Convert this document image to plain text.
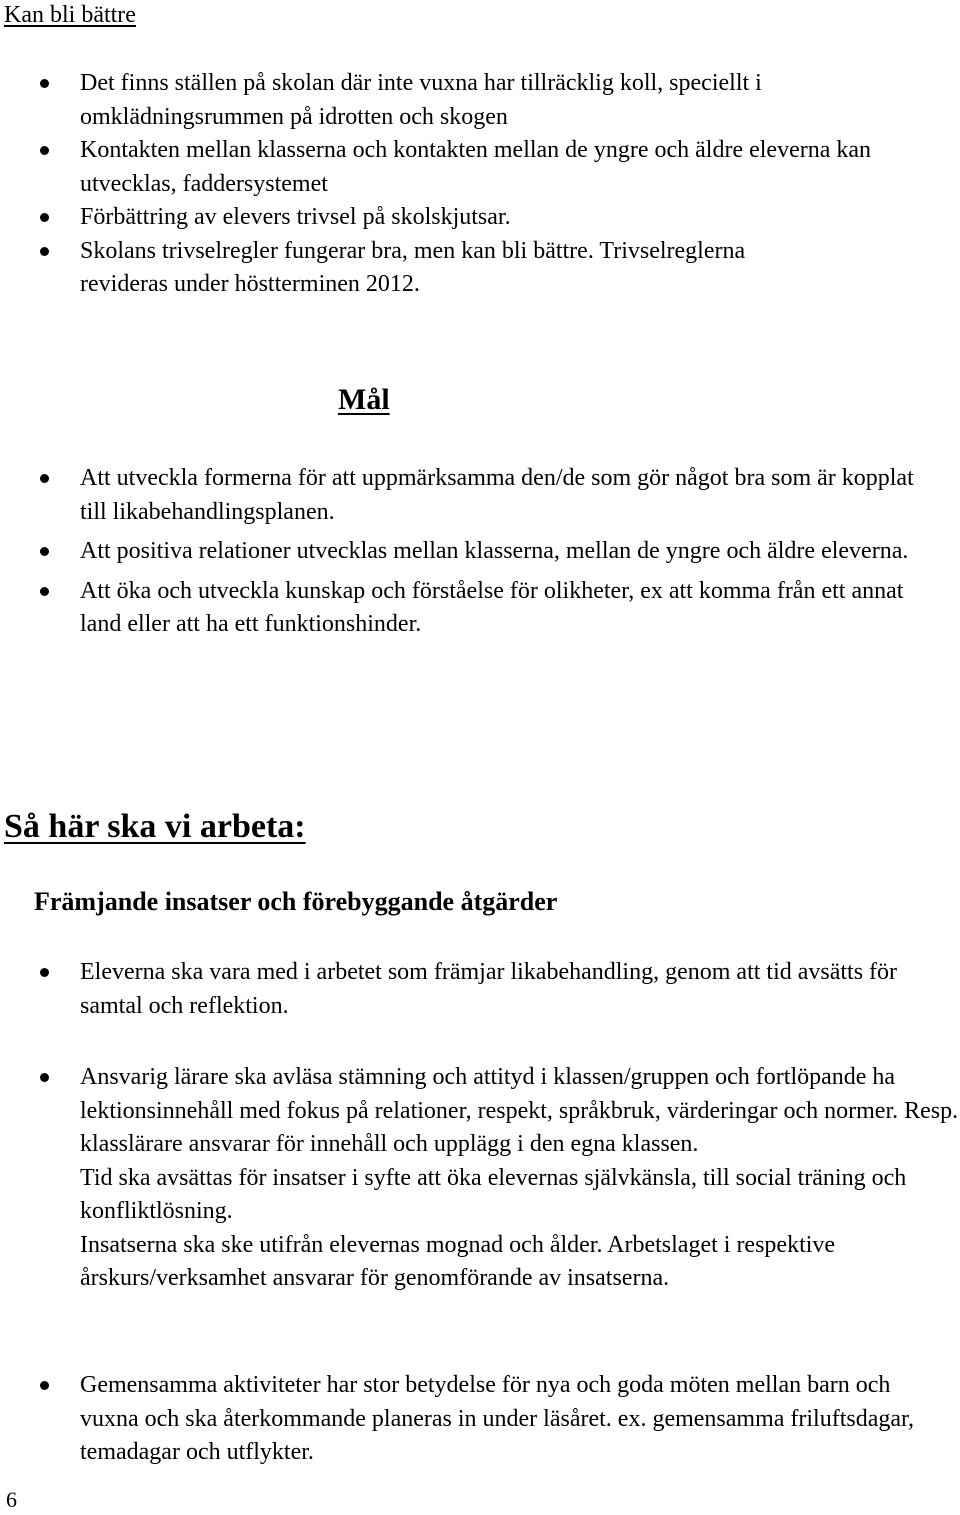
Kan bli bättre
Det finns ställen på skolan där inte vuxna har tillräcklig koll, speciellt i omklädningsrummen på idrotten och skogen
Kontakten mellan klasserna och kontakten mellan de yngre och äldre eleverna kan utvecklas, faddersystemet
Förbättring av elevers trivsel på skolskjutsar.
Skolans trivselregler fungerar bra, men kan bli bättre. Trivselreglerna revideras under höstterminen 2012.
Mål
Att utveckla formerna för att uppmärksamma den/de som gör något bra som är kopplat till likabehandlingsplanen.
Att positiva relationer utvecklas mellan klasserna, mellan de yngre och äldre eleverna.
Att öka och utveckla kunskap och förståelse för olikheter, ex att komma från ett annat land eller att ha ett funktionshinder.
Så här ska vi arbeta:
Främjande insatser och förebyggande åtgärder
Eleverna ska vara med i arbetet som främjar likabehandling, genom att tid avsätts för samtal och reflektion.
Ansvarig lärare ska avläsa stämning och attityd i klassen/gruppen och fortlöpande ha lektionsinnehåll med fokus på relationer, respekt, språkbruk, värderingar och normer. Resp. klasslärare ansvarar för innehåll och upplägg i den egna klassen.
Tid ska avsättas för insatser i syfte att öka elevernas självkänsla, till social träning och konfliktlösning.
Insatserna ska ske utifrån elevernas mognad och ålder. Arbetslaget i respektive årskurs/verksamhet ansvarar för genomförande av insatserna.
Gemensamma aktiviteter har stor betydelse för nya och goda möten mellan barn och vuxna och ska återkommande planeras in under läsåret. ex. gemensamma friluftsdagar, temadagar och utflykter.
6
